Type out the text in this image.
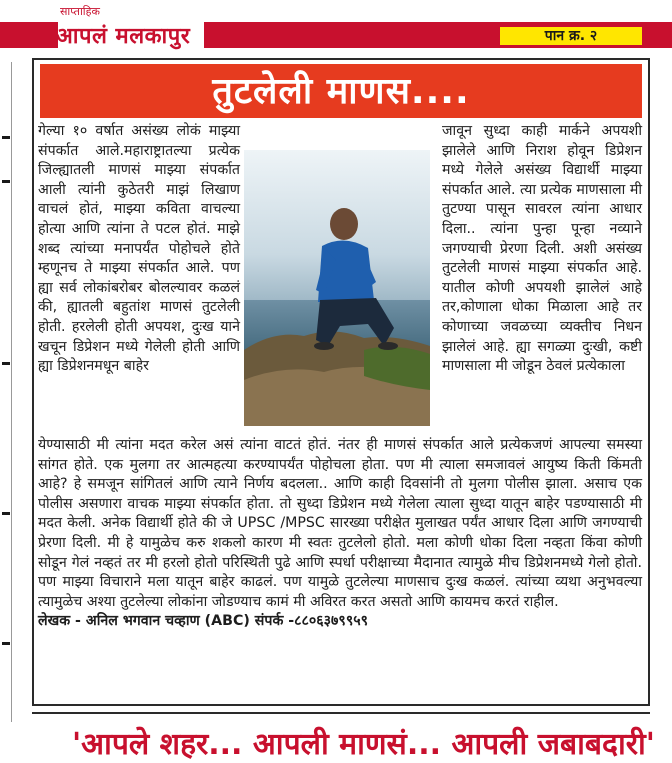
साप्ताहिक
आपलं मलकापुर	पान क्र. २
तुटलेली माणस....

गेल्या १० वर्षात असंख्य लोकं माझ्या संपर्कात आले.महाराष्ट्रातल्या प्रत्येक जिल्ह्यातली माणसं माझ्या संपर्कात आली त्यांनी कुठेतरी माझं लिखाण वाचलं होतं, माझ्या कविता वाचल्या होत्या आणि त्यांना ते पटल होतं. माझे शब्द त्यांच्या मनापर्यंत पोहोचले होते म्हणूनच ते माझ्या संपर्कात आले. पण ह्या सर्व लोकांबरोबर बोलल्यावर कळलं की, ह्यातली बहुतांश माणसं तुटलेली होती. हरलेली होती अपयश, दुःख याने खचून डिप्रेशन मध्ये गेलेली होती आणि ह्या डिप्रेशनमधून बाहेर

जावून सुध्दा काही मार्कने अपयशी झालेले आणि निराश होवून डिप्रेशन मध्ये गेलेले असंख्य विद्यार्थी माझ्या संपर्कात आले. त्या प्रत्येक माणसाला मी तुटण्या पासून सावरल त्यांना आधार दिला.. त्यांना पुन्हा पून्हा नव्याने जगण्याची प्रेरणा दिली. अशी असंख्य तुटलेली माणसं माझ्या संपर्कात आहे. यातील कोणी अपयशी झालेलं आहे तर,कोणाला धोका मिळाला आहे तर कोणाच्या जवळच्या व्यक्तीच निधन झालेलं आहे. ह्या सगळ्या दुःखी, कष्टी माणसाला मी जोडून ठेवलं प्रत्येकाला

येण्यासाठी मी त्यांना मदत करेल असं त्यांना वाटतं होतं. नंतर ही माणसं संपर्कात आले प्रत्येकजणं आपल्या समस्या सांगत होते. एक मुलगा तर आत्महत्या करण्यापर्यंत पोहोचला होता. पण मी त्याला समजावलं आयुष्य किती किंमती आहे? हे समजून सांगितलं आणि त्याने निर्णय बदलला.. आणि काही दिवसांनी तो मुलगा पोलीस झाला. असाच एक पोलीस असणारा वाचक माझ्या संपर्कात होता. तो सुध्दा डिप्रेशन मध्ये गेलेला त्याला सुध्दा यातून बाहेर पडण्यासाठी मी मदत केली. अनेक विद्यार्थी होते की जे UPSC /MPSC सारख्या परीक्षेत मुलाखत पर्यंत आधार दिला आणि जगण्याची प्रेरणा दिली. मी हे यामुळेच करु शकलो कारण मी स्वतः तुटलेलो होतो. मला कोणी धोका दिला नव्हता किंवा कोणी सोडून गेलं नव्हतं तर मी हरलो होतो परिस्थिती पुढे आणि स्पर्धा परीक्षाच्या मैदानात त्यामुळे मीच डिप्रेशनमध्ये गेलो होतो. पण माझ्या विचाराने मला यातून बाहेर काढलं. पण यामुळे तुटलेल्या माणसाच दुःख कळलं. त्यांच्या व्यथा अनुभवल्या त्यामुळेच अश्या तुटलेल्या लोकांना जोडण्याच कामं मी अविरत करत असतो आणि कायमच करतं राहील.

लेखक - अनिल भगवान चव्हाण (ABC) संपर्क -८८०६३७९९५९

'आपले शहर... आपली माणसं... आपली जबाबदारी'
